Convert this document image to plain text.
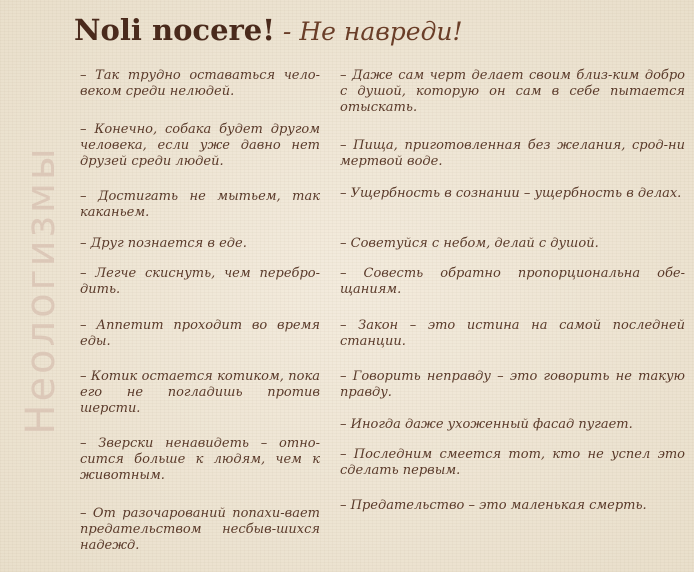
Noli nocere! - Не навреди!
Неологизмы
– Так трудно оставаться чело-веком среди нелюдей.
– Конечно, собака будет другом человека, если уже давно нет друзей среди людей.
– Достигать не мытьем, так каканьем.
– Друг познается в еде.
– Легче скиснуть, чем перебро-дить.
– Аппетит проходит во время еды.
– Котик остается котиком, пока его не погладишь против шерсти.
– Зверски ненавидеть – отно-сится больше к людям, чем к животным.
– От разочарований попахи-вает предательством несбыв-шихся надежд.
– Даже сам черт делает своим близ-ким добро с душой, которую он сам в себе пытается отыскать.
– Пища, приготовленная без желания, срод-ни мертвой воде.
– Ущербность в сознании – ущербность в делах.
– Советуйся с небом, делай с душой.
– Совесть обратно пропорциональна обе-щаниям.
– Закон – это истина на самой последней станции.
– Говорить неправду – это говорить не такую правду.
– Иногда даже ухоженный фасад пугает.
– Последним смеется тот, кто не успел это сделать первым.
– Предательство – это маленькая смерть.
